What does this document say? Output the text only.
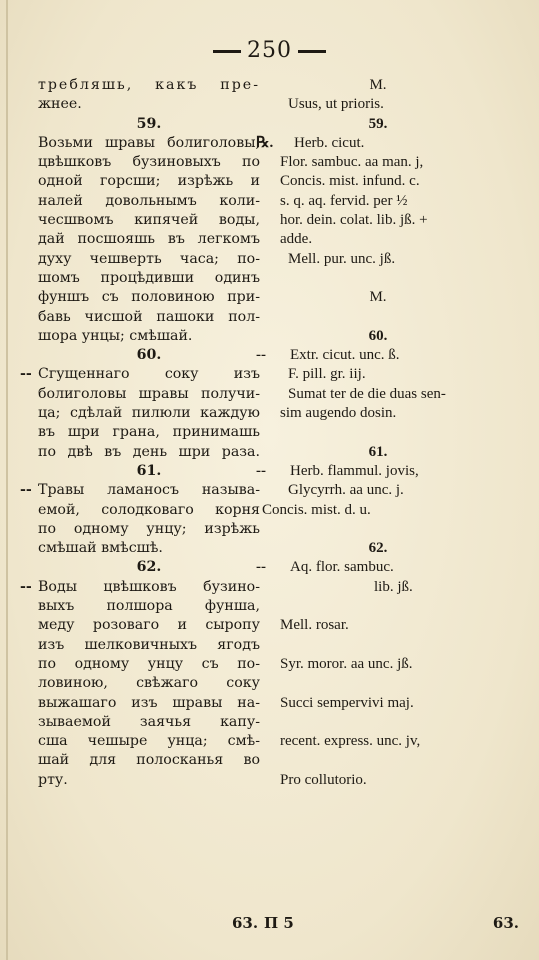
250
требляшь, какъ пре-
жнее.
59.
Возьми шравы болиголовы,
цвѣшковъ бузиновыхъ по
одной горсши; изрѣжь и
налей довольнымъ коли-
чесшвомъ кипячей воды,
дай посшояшь въ легкомъ
духу чешверть часа; по-
шомъ процѣдивши одинъ
фуншъ съ половиною при-
бавь чисшой пашоки пол-
шора унцы; смѣшай.
60.
-- Сгущеннаго соку изъ
болиголовы шравы получи-
ца; сдѣлай пилюли каждую
въ шри грана, принимашь
по двѣ въ день шри раза.
61.
-- Травы ламаносъ называ-
емой, солодковаго корня
по одному унцу; изрѣжь
смѣшай вмѣсшѣ.
62.
-- Воды цвѣшковъ бузино-
выхъ полшора фунша,
меду розоваго и сыропу
изъ шелковичныхъ ягодъ
по одному унцу съ по-
ловиною, свѣжаго соку
выжашаго изъ шравы на-
зываемой заячья капу-
сша чешыре унца; смѣ-
шай для полосканья во
рту.
M.
Usus, ut prioris.
59.
℞. Herb. cicut.
Flor. sambuc. aa man. j,
Concis. mist. infund. c.
s. q. aq. fervid. per ½
hor. dein. colat. lib. jß. +
adde.
Mell. pur. unc. jß.
M.
60.
-- Extr. cicut. unc. ß.
F. pill. gr. iij.
Sumat ter de die duas sen-
sim augendo dosin.
61.
-- Herb. flammul. jovis,
Glycyrrh. aa unc. j.
Concis. mist. d. u.
62.
-- Aq. flor. sambuc.
lib. jß.
Mell. rosar.
Syr. moror. aa unc. jß.
Succi sempervivi maj.
recent. express. unc. jv,
Pro collutorio.
63. П 5	63.
